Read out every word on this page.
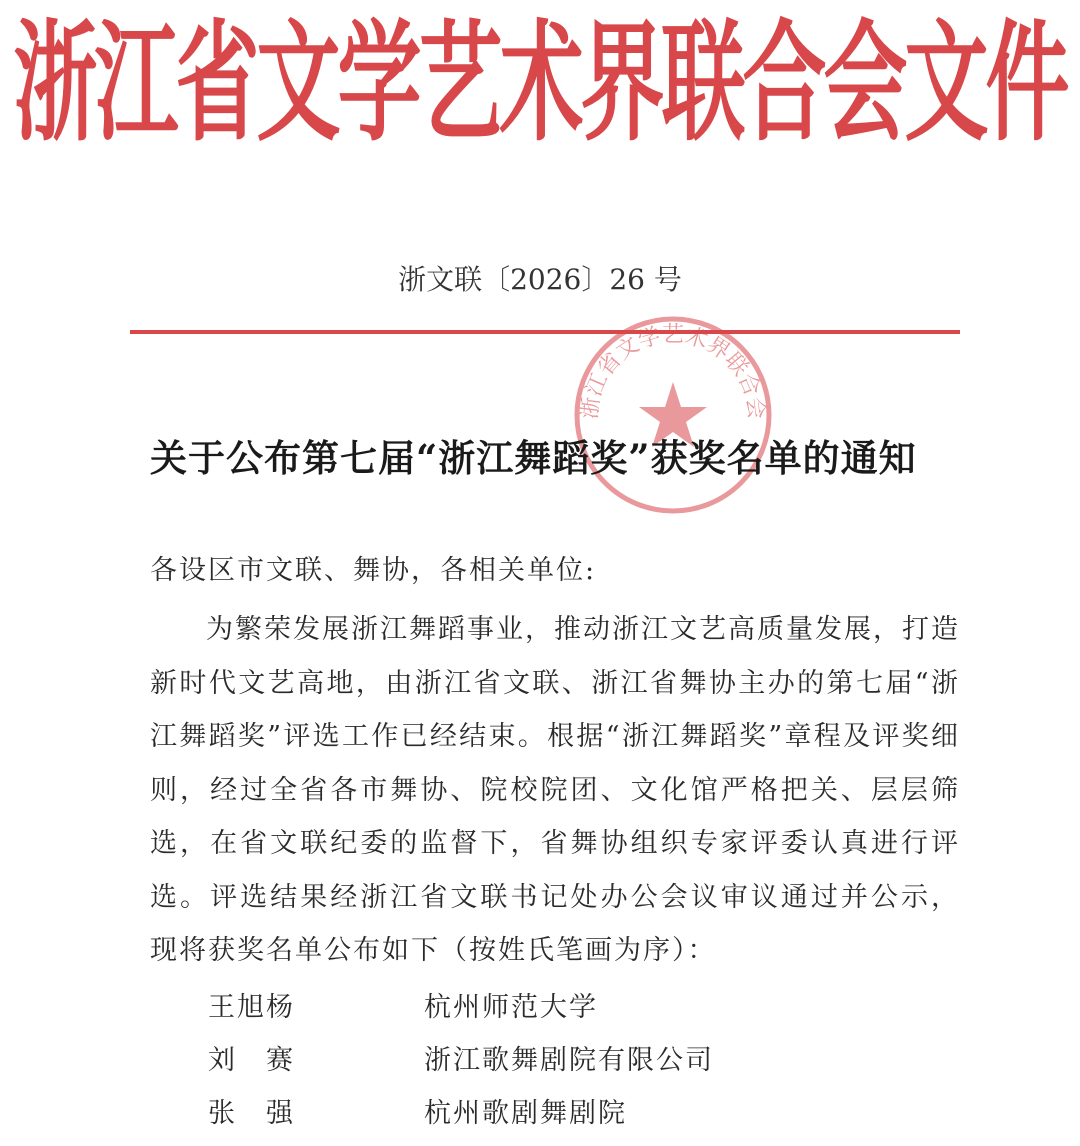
浙江省文学艺术界联合会文件
浙文联〔2026〕26 号
浙江省文学艺术界联合会
关于公布第七届“浙江舞蹈奖”获奖名单的通知
各设区市文联、舞协，各相关单位:
为繁荣发展浙江舞蹈事业，推动浙江文艺高质量发展，打造新时代文艺高地，由浙江省文联、浙江省舞协主办的第七届“浙江舞蹈奖”评选工作已经结束。根据“浙江舞蹈奖”章程及评奖细则，经过全省各市舞协、院校院团、文化馆严格把关、层层筛选，在省文联纪委的监督下，省舞协组织专家评委认真进行评选。评选结果经浙江省文联书记处办公会议审议通过并公示，现将获奖名单公布如下（按姓氏笔画为序）：
王旭杨	杭州师范大学
刘　赛	浙江歌舞剧院有限公司
张　强	杭州歌剧舞剧院
